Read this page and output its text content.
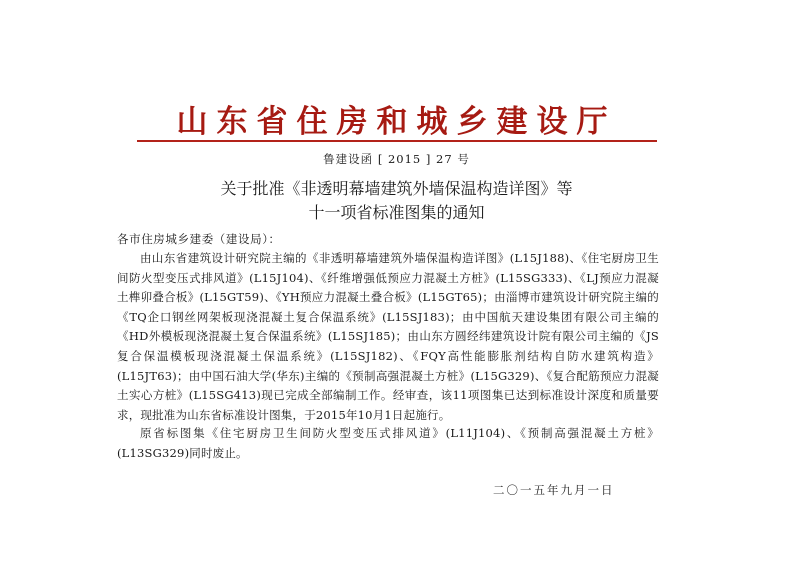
山东省住房和城乡建设厅
鲁建设函 [ 2015 ] 27 号
关于批准《非透明幕墙建筑外墙保温构造详图》等
十一项省标准图集的通知
各市住房城乡建委（建设局）：
由山东省建筑设计研究院主编的《非透明幕墙建筑外墙保温构造详图》(L15J188)、《住宅厨房卫生间防火型变压式排风道》(L15J104)、《纤维增强低预应力混凝土方桩》(L15SG333)、《LJ预应力混凝土榫卯叠合板》(L15GT59)、《YH预应力混凝土叠合板》(L15GT65)；由淄博市建筑设计研究院主编的《TQ企口钢丝网架板现浇混凝土复合保温系统》(L15SJ183)；由中国航天建设集团有限公司主编的《HD外模板现浇混凝土复合保温系统》(L15SJ185)；由山东方圆经纬建筑设计院有限公司主编的《JS复合保温模板现浇混凝土保温系统》(L15SJ182)、《FQY高性能膨胀剂结构自防水建筑构造》(L15JT63)；由中国石油大学(华东)主编的《预制高强混凝土方桩》(L15G329)、《复合配筋预应力混凝土实心方桩》(L15SG413)现已完成全部编制工作。经审查，该11项图集已达到标准设计深度和质量要求，现批准为山东省标准设计图集，于2015年10月1日起施行。
原省标图集《住宅厨房卫生间防火型变压式排风道》(L11J104)、《预制高强混凝土方桩》(L13SG329)同时废止。
二〇一五年九月一日
